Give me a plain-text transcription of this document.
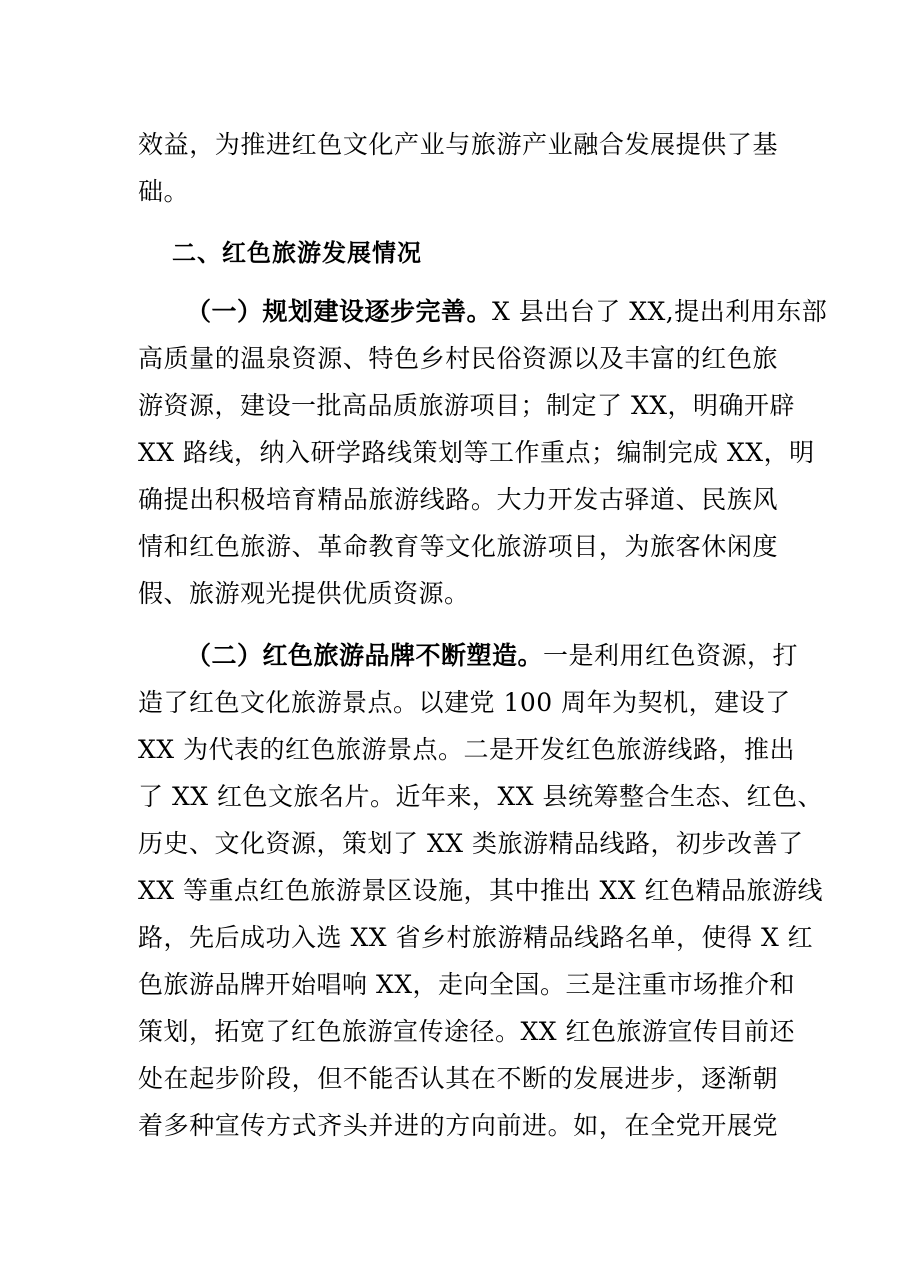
效益，为推进红色文化产业与旅游产业融合发展提供了基
础。
二、红色旅游发展情况
（一）规划建设逐步完善。X 县出台了 XX,提出利用东部
高质量的温泉资源、特色乡村民俗资源以及丰富的红色旅
游资源，建设一批高品质旅游项目；制定了 XX，明确开辟
XX 路线，纳入研学路线策划等工作重点；编制完成 XX，明
确提出积极培育精品旅游线路。大力开发古驿道、民族风
情和红色旅游、革命教育等文化旅游项目，为旅客休闲度
假、旅游观光提供优质资源。
（二）红色旅游品牌不断塑造。一是利用红色资源，打
造了红色文化旅游景点。以建党 100 周年为契机，建设了
XX 为代表的红色旅游景点。二是开发红色旅游线路，推出
了 XX 红色文旅名片。近年来，XX 县统筹整合生态、红色、
历史、文化资源，策划了 XX 类旅游精品线路，初步改善了
XX 等重点红色旅游景区设施，其中推出 XX 红色精品旅游线
路，先后成功入选 XX 省乡村旅游精品线路名单，使得 X 红
色旅游品牌开始唱响 XX，走向全国。三是注重市场推介和
策划，拓宽了红色旅游宣传途径。XX 红色旅游宣传目前还
处在起步阶段，但不能否认其在不断的发展进步，逐渐朝
着多种宣传方式齐头并进的方向前进。如，在全党开展党
